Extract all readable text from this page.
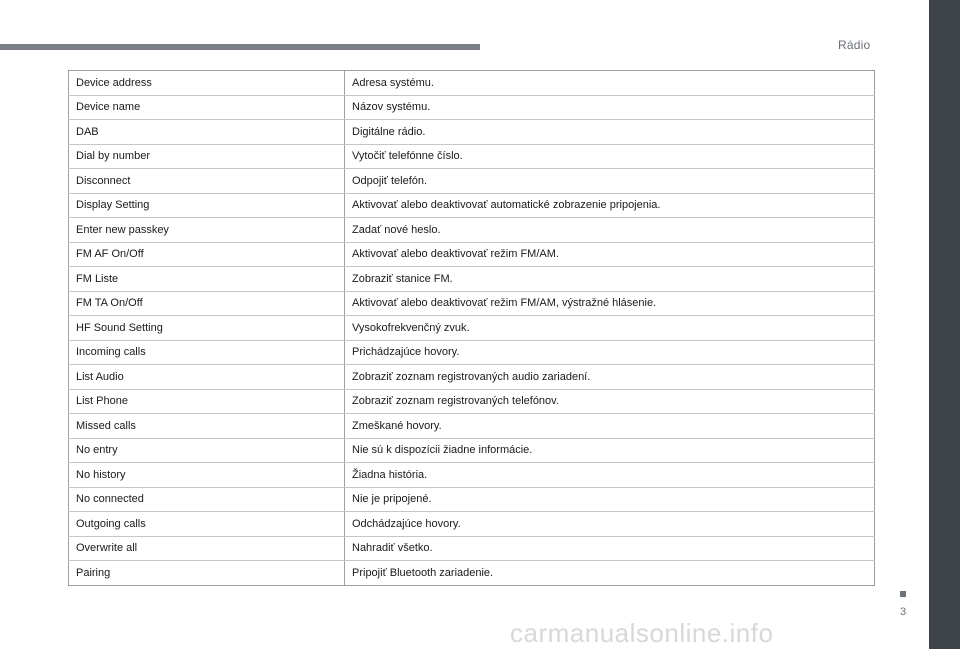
Rádio
Device address	Adresa systému.
Device name	Názov systému.
DAB	Digitálne rádio.
Dial by number	Vytočiť telefónne číslo.
Disconnect	Odpojiť telefón.
Display Setting	Aktivovať alebo deaktivovať automatické zobrazenie pripojenia.
Enter new passkey	Zadať nové heslo.
FM AF On/Off	Aktivovať alebo deaktivovať režim FM/AM.
FM Liste	Zobraziť stanice FM.
FM TA On/Off	Aktivovať alebo deaktivovať režim FM/AM, výstražné hlásenie.
HF Sound Setting	Vysokofrekvenčný zvuk.
Incoming calls	Prichádzajúce hovory.
List Audio	Zobraziť zoznam registrovaných audio zariadení.
List Phone	Zobraziť zoznam registrovaných telefónov.
Missed calls	Zmeškané hovory.
No entry	Nie sú k dispozícii žiadne informácie.
No history	Žiadna história.
No connected	Nie je pripojené.
Outgoing calls	Odchádzajúce hovory.
Overwrite all	Nahradiť všetko.
Pairing	Pripojiť Bluetooth zariadenie.
3
carmanualsonline.info
